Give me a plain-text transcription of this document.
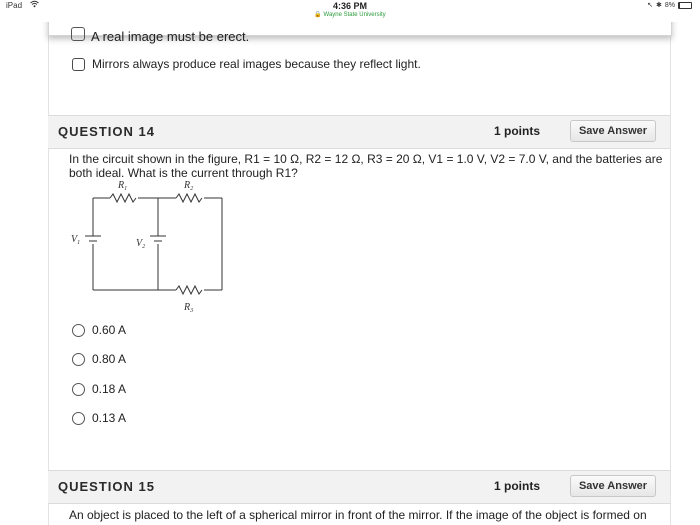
iPad	4:36 PM
🔒 Wayne State University
↖ ✱ 8%
A real image must be erect.
Mirrors always produce real images because they reflect light.
QUESTION 14	1 points	Save Answer
In the circuit shown in the figure, R1 = 10 Ω, R2 = 12 Ω, R3 = 20 Ω, V1 = 1.0 V, V2 = 7.0 V, and the batteries are both ideal. What is the current through R1?
$R_1$	$R_2$
$R_3$
$V_1$	$V_2$
0.60 A
0.80 A
0.18 A
0.13 A
QUESTION 15	1 points	Save Answer
An object is placed to the left of a spherical mirror in front of the mirror. If the image of the object is formed on
